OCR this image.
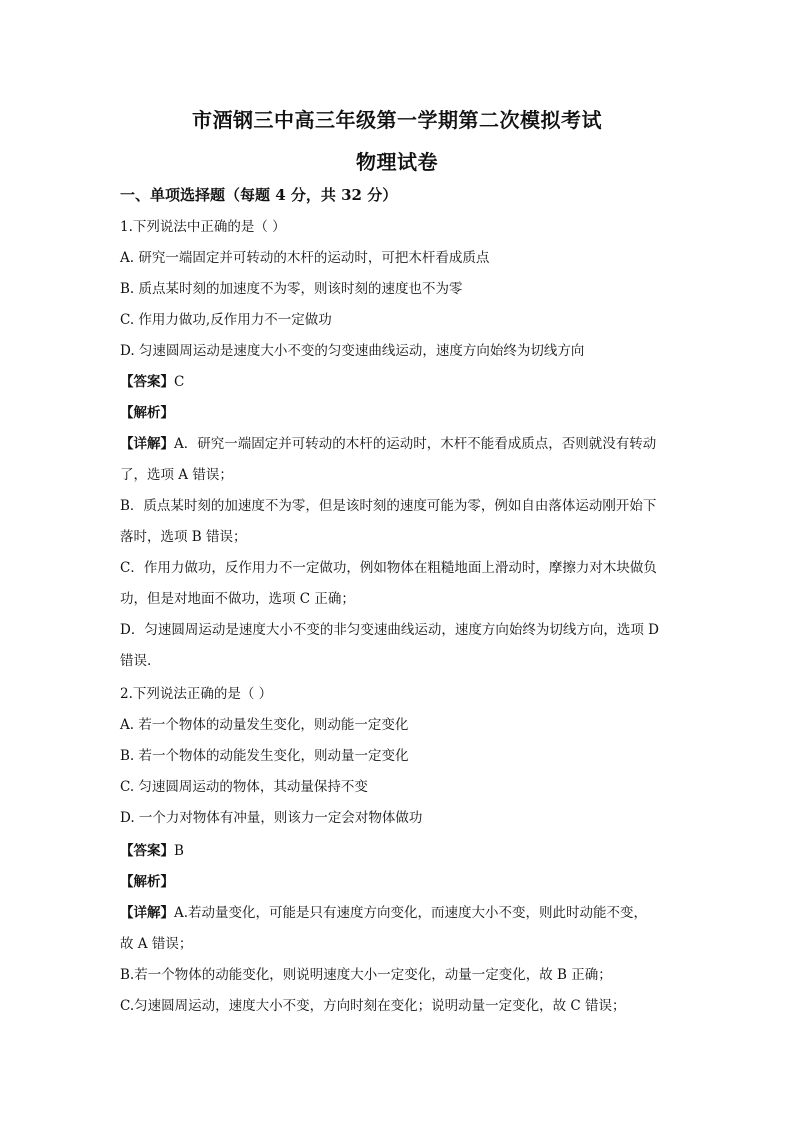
市酒钢三中高三年级第一学期第二次模拟考试
物理试卷
一、单项选择题（每题 4 分，共 32 分）
1.下列说法中正确的是（ ）
A. 研究一端固定并可转动的木杆的运动时，可把木杆看成质点
B. 质点某时刻的加速度不为零，则该时刻的速度也不为零
C. 作用力做功,反作用力不一定做功
D. 匀速圆周运动是速度大小不变的匀变速曲线运动，速度方向始终为切线方向
【答案】C
【解析】
【详解】A．研究一端固定并可转动的木杆的运动时，木杆不能看成质点，否则就没有转动
了，选项 A 错误；
B．质点某时刻的加速度不为零，但是该时刻的速度可能为零，例如自由落体运动刚开始下
落时，选项 B 错误；
C．作用力做功，反作用力不一定做功，例如物体在粗糙地面上滑动时，摩擦力对木块做负
功，但是对地面不做功，选项 C 正确；
D．匀速圆周运动是速度大小不变的非匀变速曲线运动，速度方向始终为切线方向，选项 D
错误.
2.下列说法正确的是（ ）
A. 若一个物体的动量发生变化，则动能一定变化
B. 若一个物体的动能发生变化，则动量一定变化
C. 匀速圆周运动的物体，其动量保持不变
D. 一个力对物体有冲量，则该力一定会对物体做功
【答案】B
【解析】
【详解】A.若动量变化，可能是只有速度方向变化，而速度大小不变，则此时动能不变，
故 A 错误；
B.若一个物体的动能变化，则说明速度大小一定变化，动量一定变化，故 B 正确；
C.匀速圆周运动，速度大小不变，方向时刻在变化；说明动量一定变化，故 C 错误；
